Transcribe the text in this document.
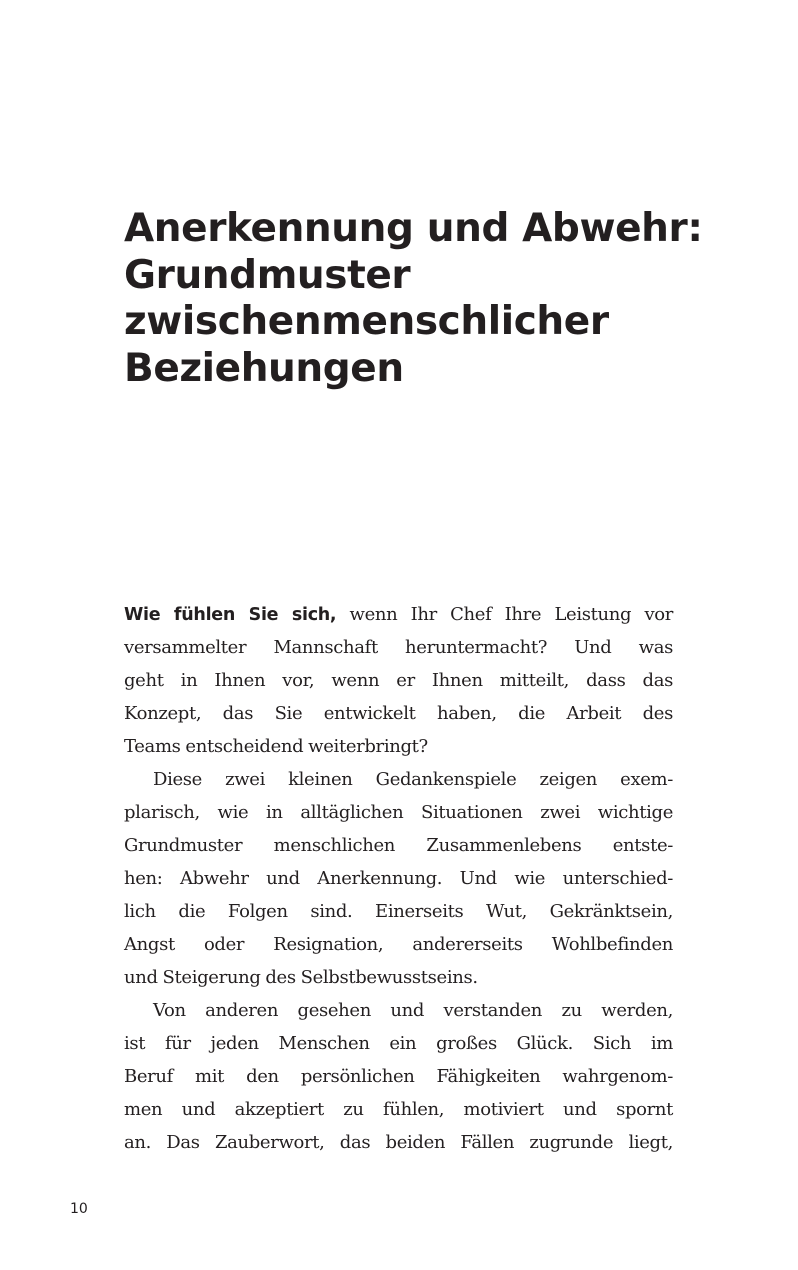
Anerkennung und Abwehr:
Grundmuster
zwischenmenschlicher
Beziehungen
Wie fühlen Sie sich, wenn Ihr Chef Ihre Leistung vor
versammelter Mannschaft heruntermacht? Und was
geht in Ihnen vor, wenn er Ihnen mitteilt, dass das
Konzept, das Sie entwickelt haben, die Arbeit des
Teams entscheidend weiterbringt?
Diese zwei kleinen Gedankenspiele zeigen exem-
plarisch, wie in alltäglichen Situationen zwei wichtige
Grundmuster menschlichen Zusammenlebens entste-
hen: Abwehr und Anerkennung. Und wie unterschied-
lich die Folgen sind. Einerseits Wut, Gekränktsein,
Angst oder Resignation, andererseits Wohlbefinden
und Steigerung des Selbstbewusstseins.
Von anderen gesehen und verstanden zu werden,
ist für jeden Menschen ein großes Glück. Sich im
Beruf mit den persönlichen Fähigkeiten wahrgenom-
men und akzeptiert zu fühlen, motiviert und spornt
an. Das Zauberwort, das beiden Fällen zugrunde liegt,
10
